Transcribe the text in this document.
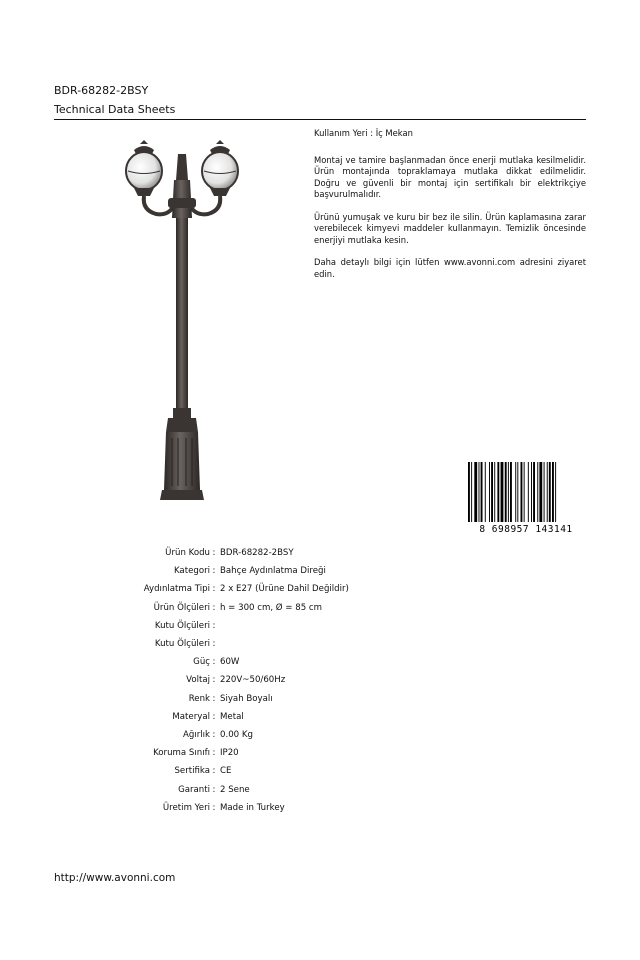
BDR-68282-2BSY
Technical Data Sheets

Kullanım Yeri : İç Mekan

Montaj ve tamire başlanmadan önce enerji mutlaka kesilmelidir. Ürün montajında topraklamaya mutlaka dikkat edilmelidir. Doğru ve güvenli bir montaj için sertifikalı bir elektrikçiye başvurulmalıdır.

Ürünü yumuşak ve kuru bir bez ile silin. Ürün kaplamasına zarar verebilecek kimyevi maddeler kullanmayın. Temizlik öncesinde enerjiyi mutlaka kesin.

Daha detaylı bilgi için lütfen www.avonni.com adresini ziyaret edin.

8 698957 143141
Ürün Kodu : BDR-68282-2BSY
Kategori : Bahçe Aydınlatma Direği
Aydınlatma Tipi : 2 x E27 (Ürüne Dahil Değildir)
Ürün Ölçüleri : h = 300 cm, Ø = 85 cm
Kutu Ölçüleri :
Kutu Ölçüleri :
Güç : 60W
Voltaj : 220V~50/60Hz
Renk : Siyah Boyalı
Materyal : Metal
Ağırlık : 0.00 Kg
Koruma Sınıfı : IP20
Sertifika : CE
Garanti : 2 Sene
Üretim Yeri : Made in Turkey
http://www.avonni.com
